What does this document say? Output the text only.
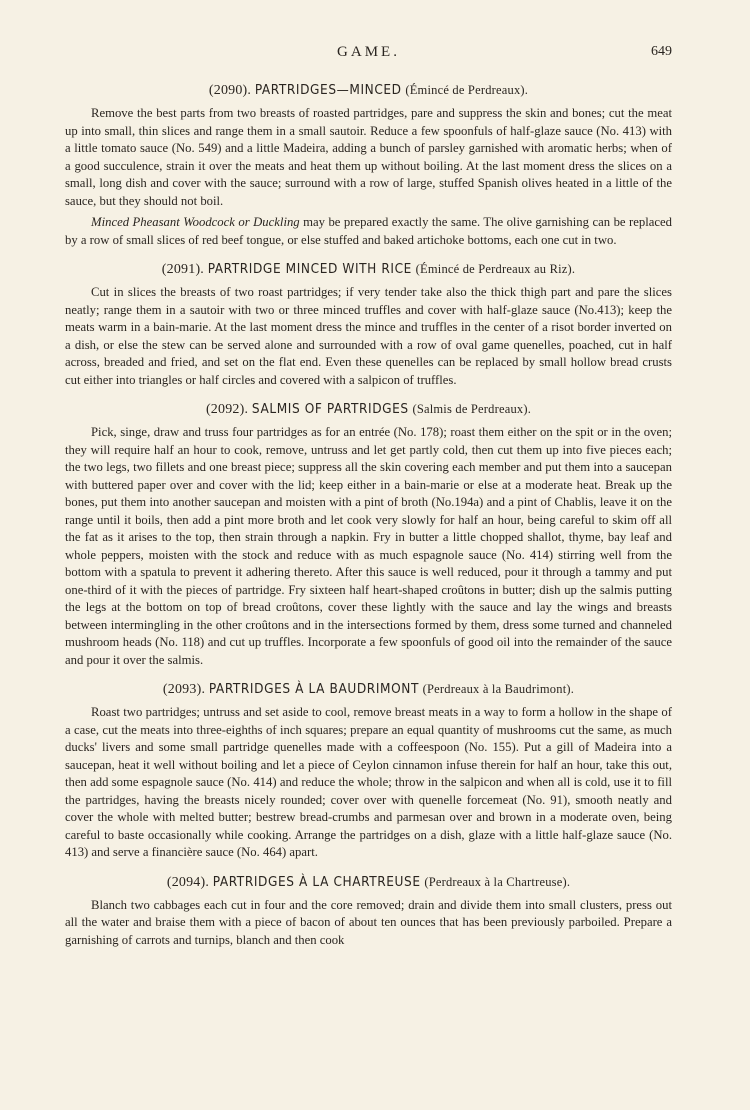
GAME.	649
(2090). PARTRIDGES—MINCED (Émincé de Perdreaux).

Remove the best parts from two breasts of roasted partridges, pare and suppress the skin and bones; cut the meat up into small, thin slices and range them in a small sautoir. Reduce a few spoonfuls of half-glaze sauce (No. 413) with a little tomato sauce (No. 549) and a little Madeira, adding a bunch of parsley garnished with aromatic herbs; when of a good succulence, strain it over the meats and heat them up without boiling. At the last moment dress the slices on a small, long dish and cover with the sauce; surround with a row of large, stuffed Spanish olives heated in a little of the sauce, but they should not boil.

Minced Pheasant Woodcock or Duckling may be prepared exactly the same. The olive garnishing can be replaced by a row of small slices of red beef tongue, or else stuffed and baked artichoke bottoms, each one cut in two.

(2091). PARTRIDGE MINCED WITH RICE (Émincé de Perdreaux au Riz).

Cut in slices the breasts of two roast partridges; if very tender take also the thick thigh part and pare the slices neatly; range them in a sautoir with two or three minced truffles and cover with half-glaze sauce (No.413); keep the meats warm in a bain-marie. At the last moment dress the mince and truffles in the center of a risot border inverted on a dish, or else the stew can be served alone and surrounded with a row of oval game quenelles, poached, cut in half across, breaded and fried, and set on the flat end. Even these quenelles can be replaced by small hollow bread crusts cut either into triangles or half circles and covered with a salpicon of truffles.

(2092). SALMIS OF PARTRIDGES (Salmis de Perdreaux).

Pick, singe, draw and truss four partridges as for an entrée (No. 178); roast them either on the spit or in the oven; they will require half an hour to cook, remove, untruss and let get partly cold, then cut them up into five pieces each; the two legs, two fillets and one breast piece; suppress all the skin covering each member and put them into a saucepan with buttered paper over and cover with the lid; keep either in a bain-marie or else at a moderate heat. Break up the bones, put them into another saucepan and moisten with a pint of broth (No.194a) and a pint of Chablis, leave it on the range until it boils, then add a pint more broth and let cook very slowly for half an hour, being careful to skim off all the fat as it arises to the top, then strain through a napkin. Fry in butter a little chopped shallot, thyme, bay leaf and whole peppers, moisten with the stock and reduce with as much espagnole sauce (No. 414) stirring well from the bottom with a spatula to prevent it adhering thereto. After this sauce is well reduced, pour it through a tammy and put one-third of it with the pieces of partridge. Fry sixteen half heart-shaped croûtons in butter; dish up the salmis putting the legs at the bottom on top of bread croûtons, cover these lightly with the sauce and lay the wings and breasts between intermingling in the other croûtons and in the intersections formed by them, dress some turned and channeled mushroom heads (No. 118) and cut up truffles. Incorporate a few spoonfuls of good oil into the remainder of the sauce and pour it over the salmis.

(2093). PARTRIDGES À LA BAUDRIMONT (Perdreaux à la Baudrimont).

Roast two partridges; untruss and set aside to cool, remove breast meats in a way to form a hollow in the shape of a case, cut the meats into three-eighths of inch squares; prepare an equal quantity of mushrooms cut the same, as much ducks' livers and some small partridge quenelles made with a coffeespoon (No. 155). Put a gill of Madeira into a saucepan, heat it well without boiling and let a piece of Ceylon cinnamon infuse therein for half an hour, take this out, then add some espagnole sauce (No. 414) and reduce the whole; throw in the salpicon and when all is cold, use it to fill the partridges, having the breasts nicely rounded; cover over with quenelle forcemeat (No. 91), smooth neatly and cover the whole with melted butter; bestrew bread-crumbs and parmesan over and brown in a moderate oven, being careful to baste occasionally while cooking. Arrange the partridges on a dish, glaze with a little half-glaze sauce (No. 413) and serve a financière sauce (No. 464) apart.

(2094). PARTRIDGES À LA CHARTREUSE (Perdreaux à la Chartreuse).

Blanch two cabbages each cut in four and the core removed; drain and divide them into small clusters, press out all the water and braise them with a piece of bacon of about ten ounces that has been previously parboiled. Prepare a garnishing of carrots and turnips, blanch and then cook
